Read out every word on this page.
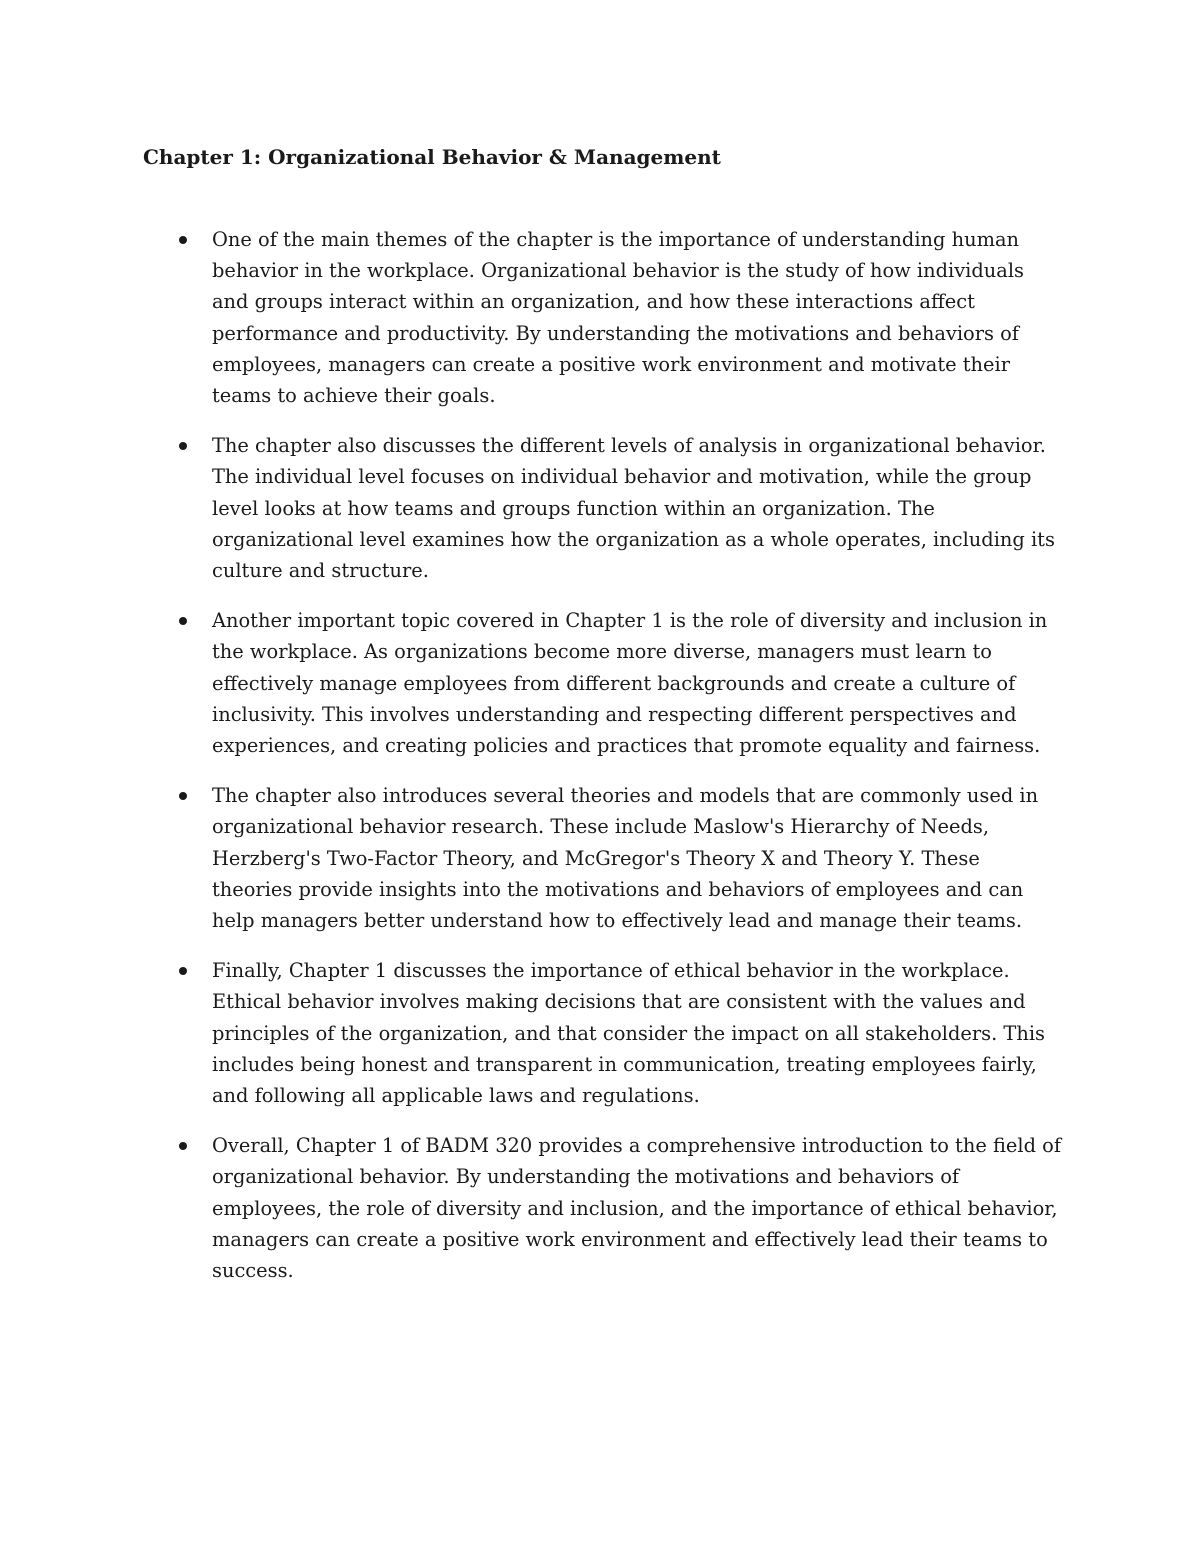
Chapter 1: Organizational Behavior & Management
One of the main themes of the chapter is the importance of understanding human behavior in the workplace. Organizational behavior is the study of how individuals and groups interact within an organization, and how these interactions affect performance and productivity. By understanding the motivations and behaviors of employees, managers can create a positive work environment and motivate their teams to achieve their goals.
The chapter also discusses the different levels of analysis in organizational behavior. The individual level focuses on individual behavior and motivation, while the group level looks at how teams and groups function within an organization. The organizational level examines how the organization as a whole operates, including its culture and structure.
Another important topic covered in Chapter 1 is the role of diversity and inclusion in the workplace. As organizations become more diverse, managers must learn to effectively manage employees from different backgrounds and create a culture of inclusivity. This involves understanding and respecting different perspectives and experiences, and creating policies and practices that promote equality and fairness.
The chapter also introduces several theories and models that are commonly used in organizational behavior research. These include Maslow's Hierarchy of Needs, Herzberg's Two-Factor Theory, and McGregor's Theory X and Theory Y. These theories provide insights into the motivations and behaviors of employees and can help managers better understand how to effectively lead and manage their teams.
Finally, Chapter 1 discusses the importance of ethical behavior in the workplace. Ethical behavior involves making decisions that are consistent with the values and principles of the organization, and that consider the impact on all stakeholders. This includes being honest and transparent in communication, treating employees fairly, and following all applicable laws and regulations.
Overall, Chapter 1 of BADM 320 provides a comprehensive introduction to the field of organizational behavior. By understanding the motivations and behaviors of employees, the role of diversity and inclusion, and the importance of ethical behavior, managers can create a positive work environment and effectively lead their teams to success.
